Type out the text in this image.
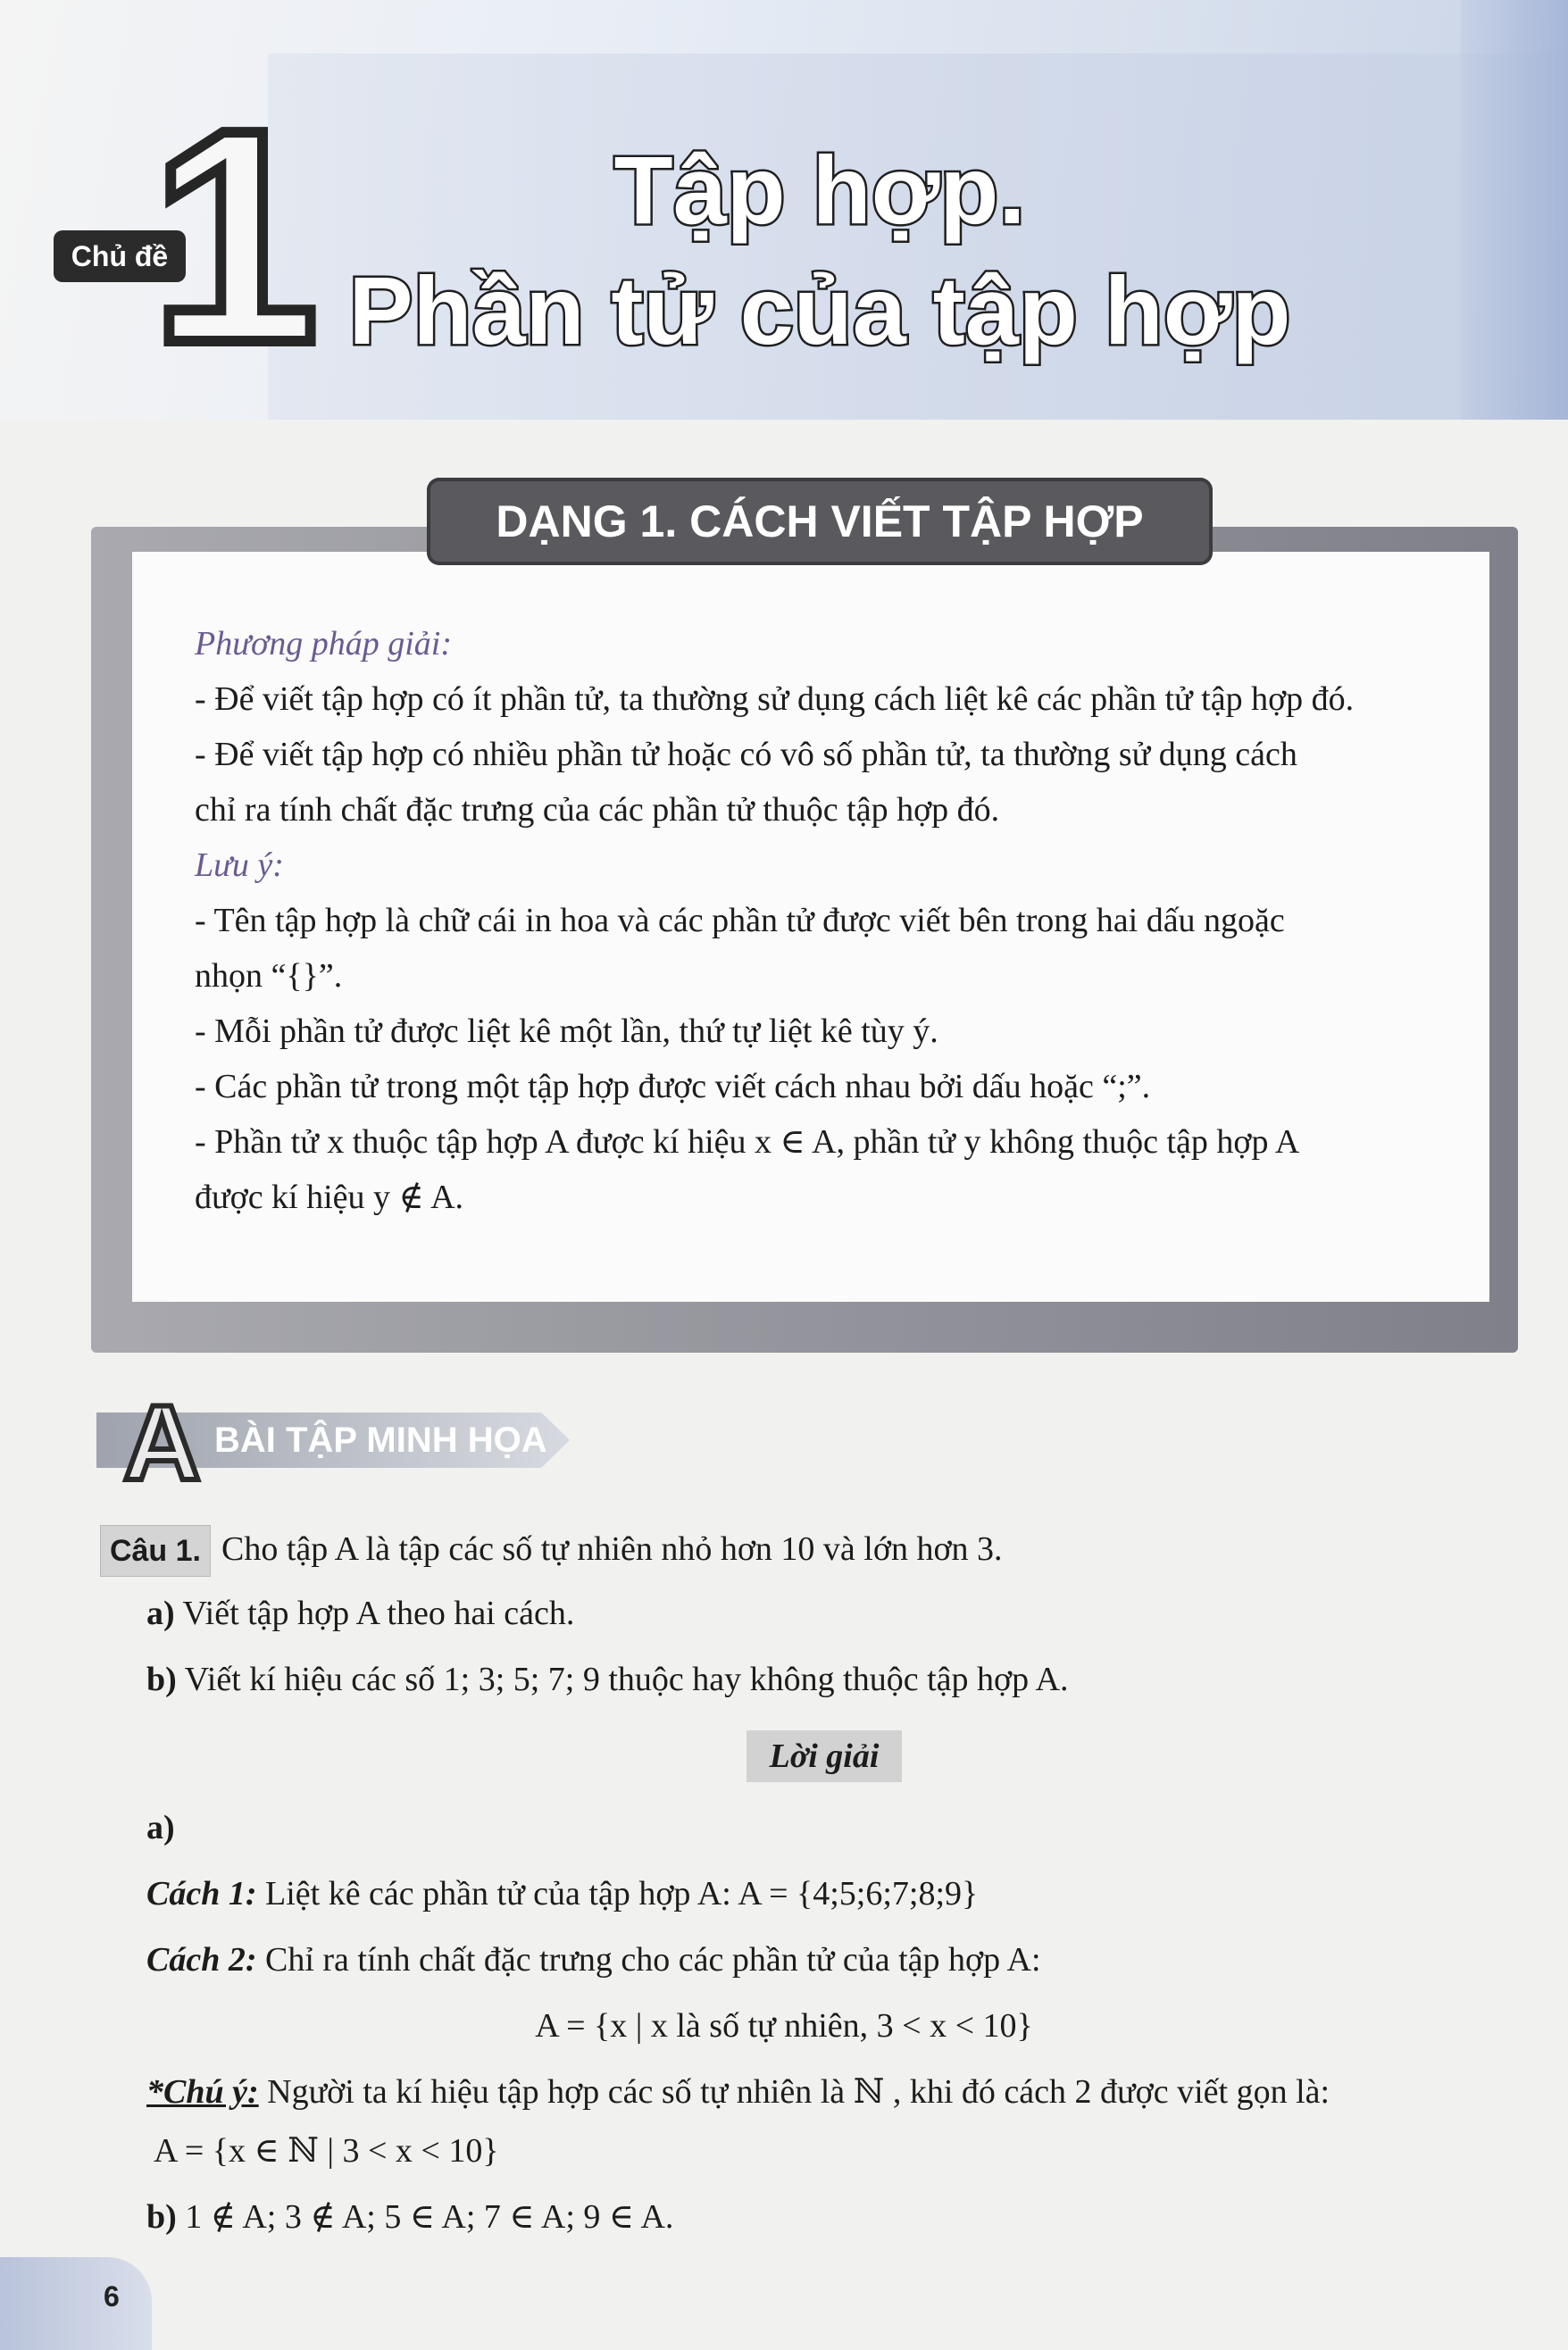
Chủ đề
1	Tập hợp.
Phần tử của tập hợp
DẠNG 1. CÁCH VIẾT TẬP HỢP

Phương pháp giải:

- Để viết tập hợp có ít phần tử, ta thường sử dụng cách liệt kê các phần tử tập hợp đó.

- Để viết tập hợp có nhiều phần tử hoặc có vô số phần tử, ta thường sử dụng cách

chỉ ra tính chất đặc trưng của các phần tử thuộc tập hợp đó.

Lưu ý:

- Tên tập hợp là chữ cái in hoa và các phần tử được viết bên trong hai dấu ngoặc

nhọn “{}”.

- Mỗi phần tử được liệt kê một lần, thứ tự liệt kê tùy ý.

- Các phần tử trong một tập hợp được viết cách nhau bởi dấu hoặc “;”.

- Phần tử x thuộc tập hợp A được kí hiệu x ∈ A, phần tử y không thuộc tập hợp A

được kí hiệu y ∉ A.

A BÀI TẬP MINH HỌA
Câu 1. Cho tập A là tập các số tự nhiên nhỏ hơn 10 và lớn hơn 3.
a) Viết tập hợp A theo hai cách.
b) Viết kí hiệu các số 1; 3; 5; 7; 9 thuộc hay không thuộc tập hợp A.
Lời giải
a)
Cách 1: Liệt kê các phần tử của tập hợp A: A = {4;5;6;7;8;9}
Cách 2: Chỉ ra tính chất đặc trưng cho các phần tử của tập hợp A:
A = {x | x là số tự nhiên, 3 < x < 10}
*Chú ý: Người ta kí hiệu tập hợp các số tự nhiên là ℕ , khi đó cách 2 được viết gọn là:
A = {x ∈ ℕ | 3 < x < 10}
b) 1 ∉ A; 3 ∉ A; 5 ∈ A; 7 ∈ A; 9 ∈ A.
6
